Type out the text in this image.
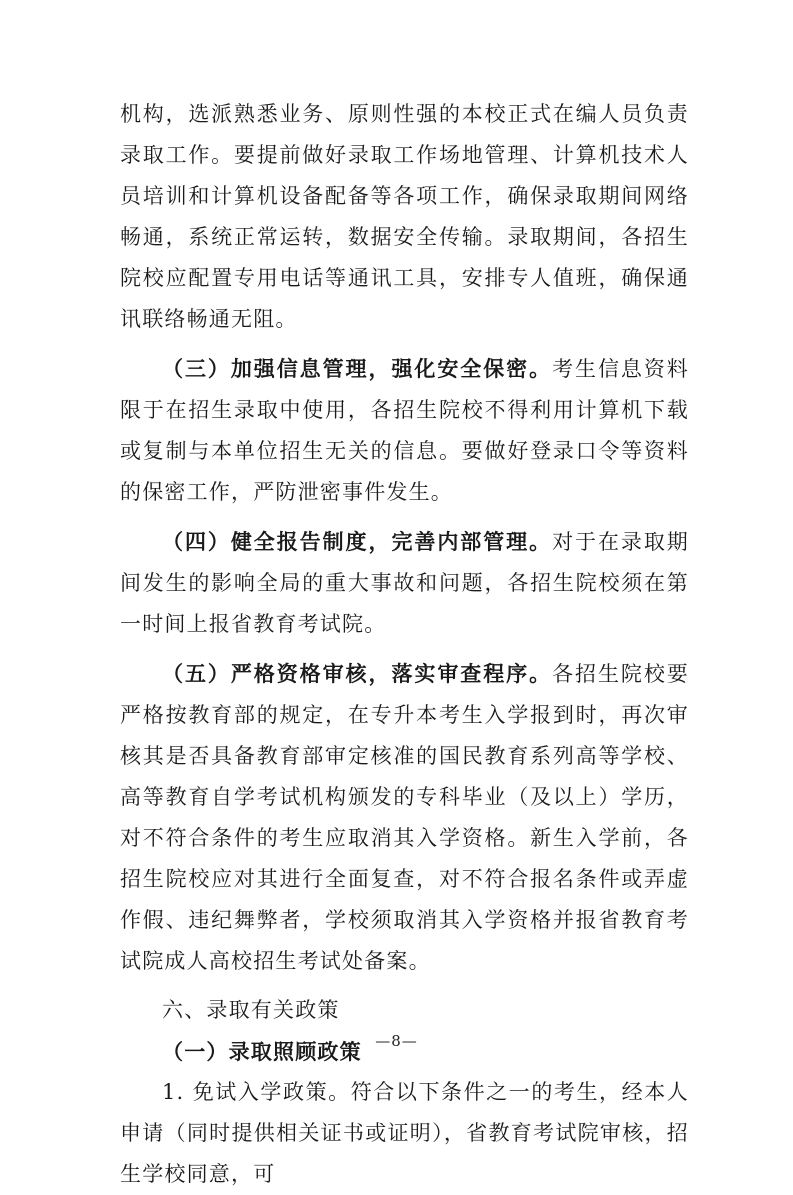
机构，选派熟悉业务、原则性强的本校正式在编人员负责录取工作。要提前做好录取工作场地管理、计算机技术人员培训和计算机设备配备等各项工作，确保录取期间网络畅通，系统正常运转，数据安全传输。录取期间，各招生院校应配置专用电话等通讯工具，安排专人值班，确保通讯联络畅通无阻。

（三）加强信息管理，强化安全保密。考生信息资料限于在招生录取中使用，各招生院校不得利用计算机下载或复制与本单位招生无关的信息。要做好登录口令等资料的保密工作，严防泄密事件发生。

（四）健全报告制度，完善内部管理。对于在录取期间发生的影响全局的重大事故和问题，各招生院校须在第一时间上报省教育考试院。

（五）严格资格审核，落实审查程序。各招生院校要严格按教育部的规定，在专升本考生入学报到时，再次审核其是否具备教育部审定核准的国民教育系列高等学校、高等教育自学考试机构颁发的专科毕业（及以上）学历，对不符合条件的考生应取消其入学资格。新生入学前，各招生院校应对其进行全面复查，对不符合报名条件或弄虚作假、违纪舞弊者，学校须取消其入学资格并报省教育考试院成人高校招生考试处备案。

六、录取有关政策
（一）录取照顾政策

1. 免试入学政策。符合以下条件之一的考生，经本人申请（同时提供相关证书或证明），省教育考试院审核，招生学校同意，可

—8—
